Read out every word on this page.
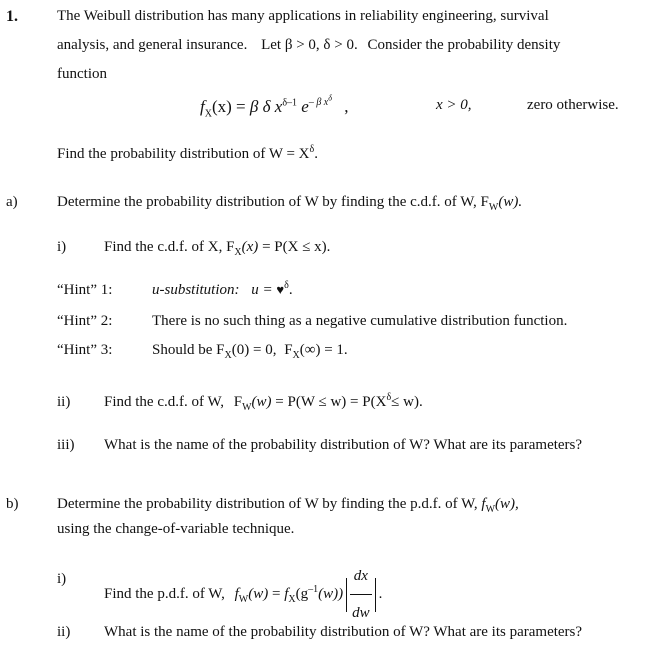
1.	The Weibull distribution has many applications in reliability engineering, survival
analysis, and general insurance. Let β > 0, δ > 0. Consider the probability density
function
$f_X(x) = \beta$ δ $x^{\delta-1}$ $e^{- \beta x^\delta}$ ,	x > 0,	zero otherwise.
Find the probability distribution of $W = X^\delta$.
a)	Determine the probability distribution of W by finding the c.d.f. of W, $F_W(w)$.
i)	Find the c.d.f. of X, $F_X(x) = P(X \le x)$.
“Hint” 1:	u-substitution: u = ♥$^\delta$.
“Hint” 2:	There is no such thing as a negative cumulative distribution function.
“Hint” 3:	Should be $F_X(0) = 0$, $F_X(\infty) = 1$.
ii) Find the c.d.f. of W, $F_W(w) = P(W \le w) = P(X^\delta\le w)$.
iii) What is the name of the probability distribution of W? What are its parameters?
b)	Determine the probability distribution of W by finding the p.d.f. of W, $f_W(w)$,
using the change-of-variable technique.
i)
Find the p.d.f. of W, $f_W(w) = f_X(g^{-1}(w)) \frac{dx}{dw}$ .
ii) What is the name of the probability distribution of W? What are its parameters?
